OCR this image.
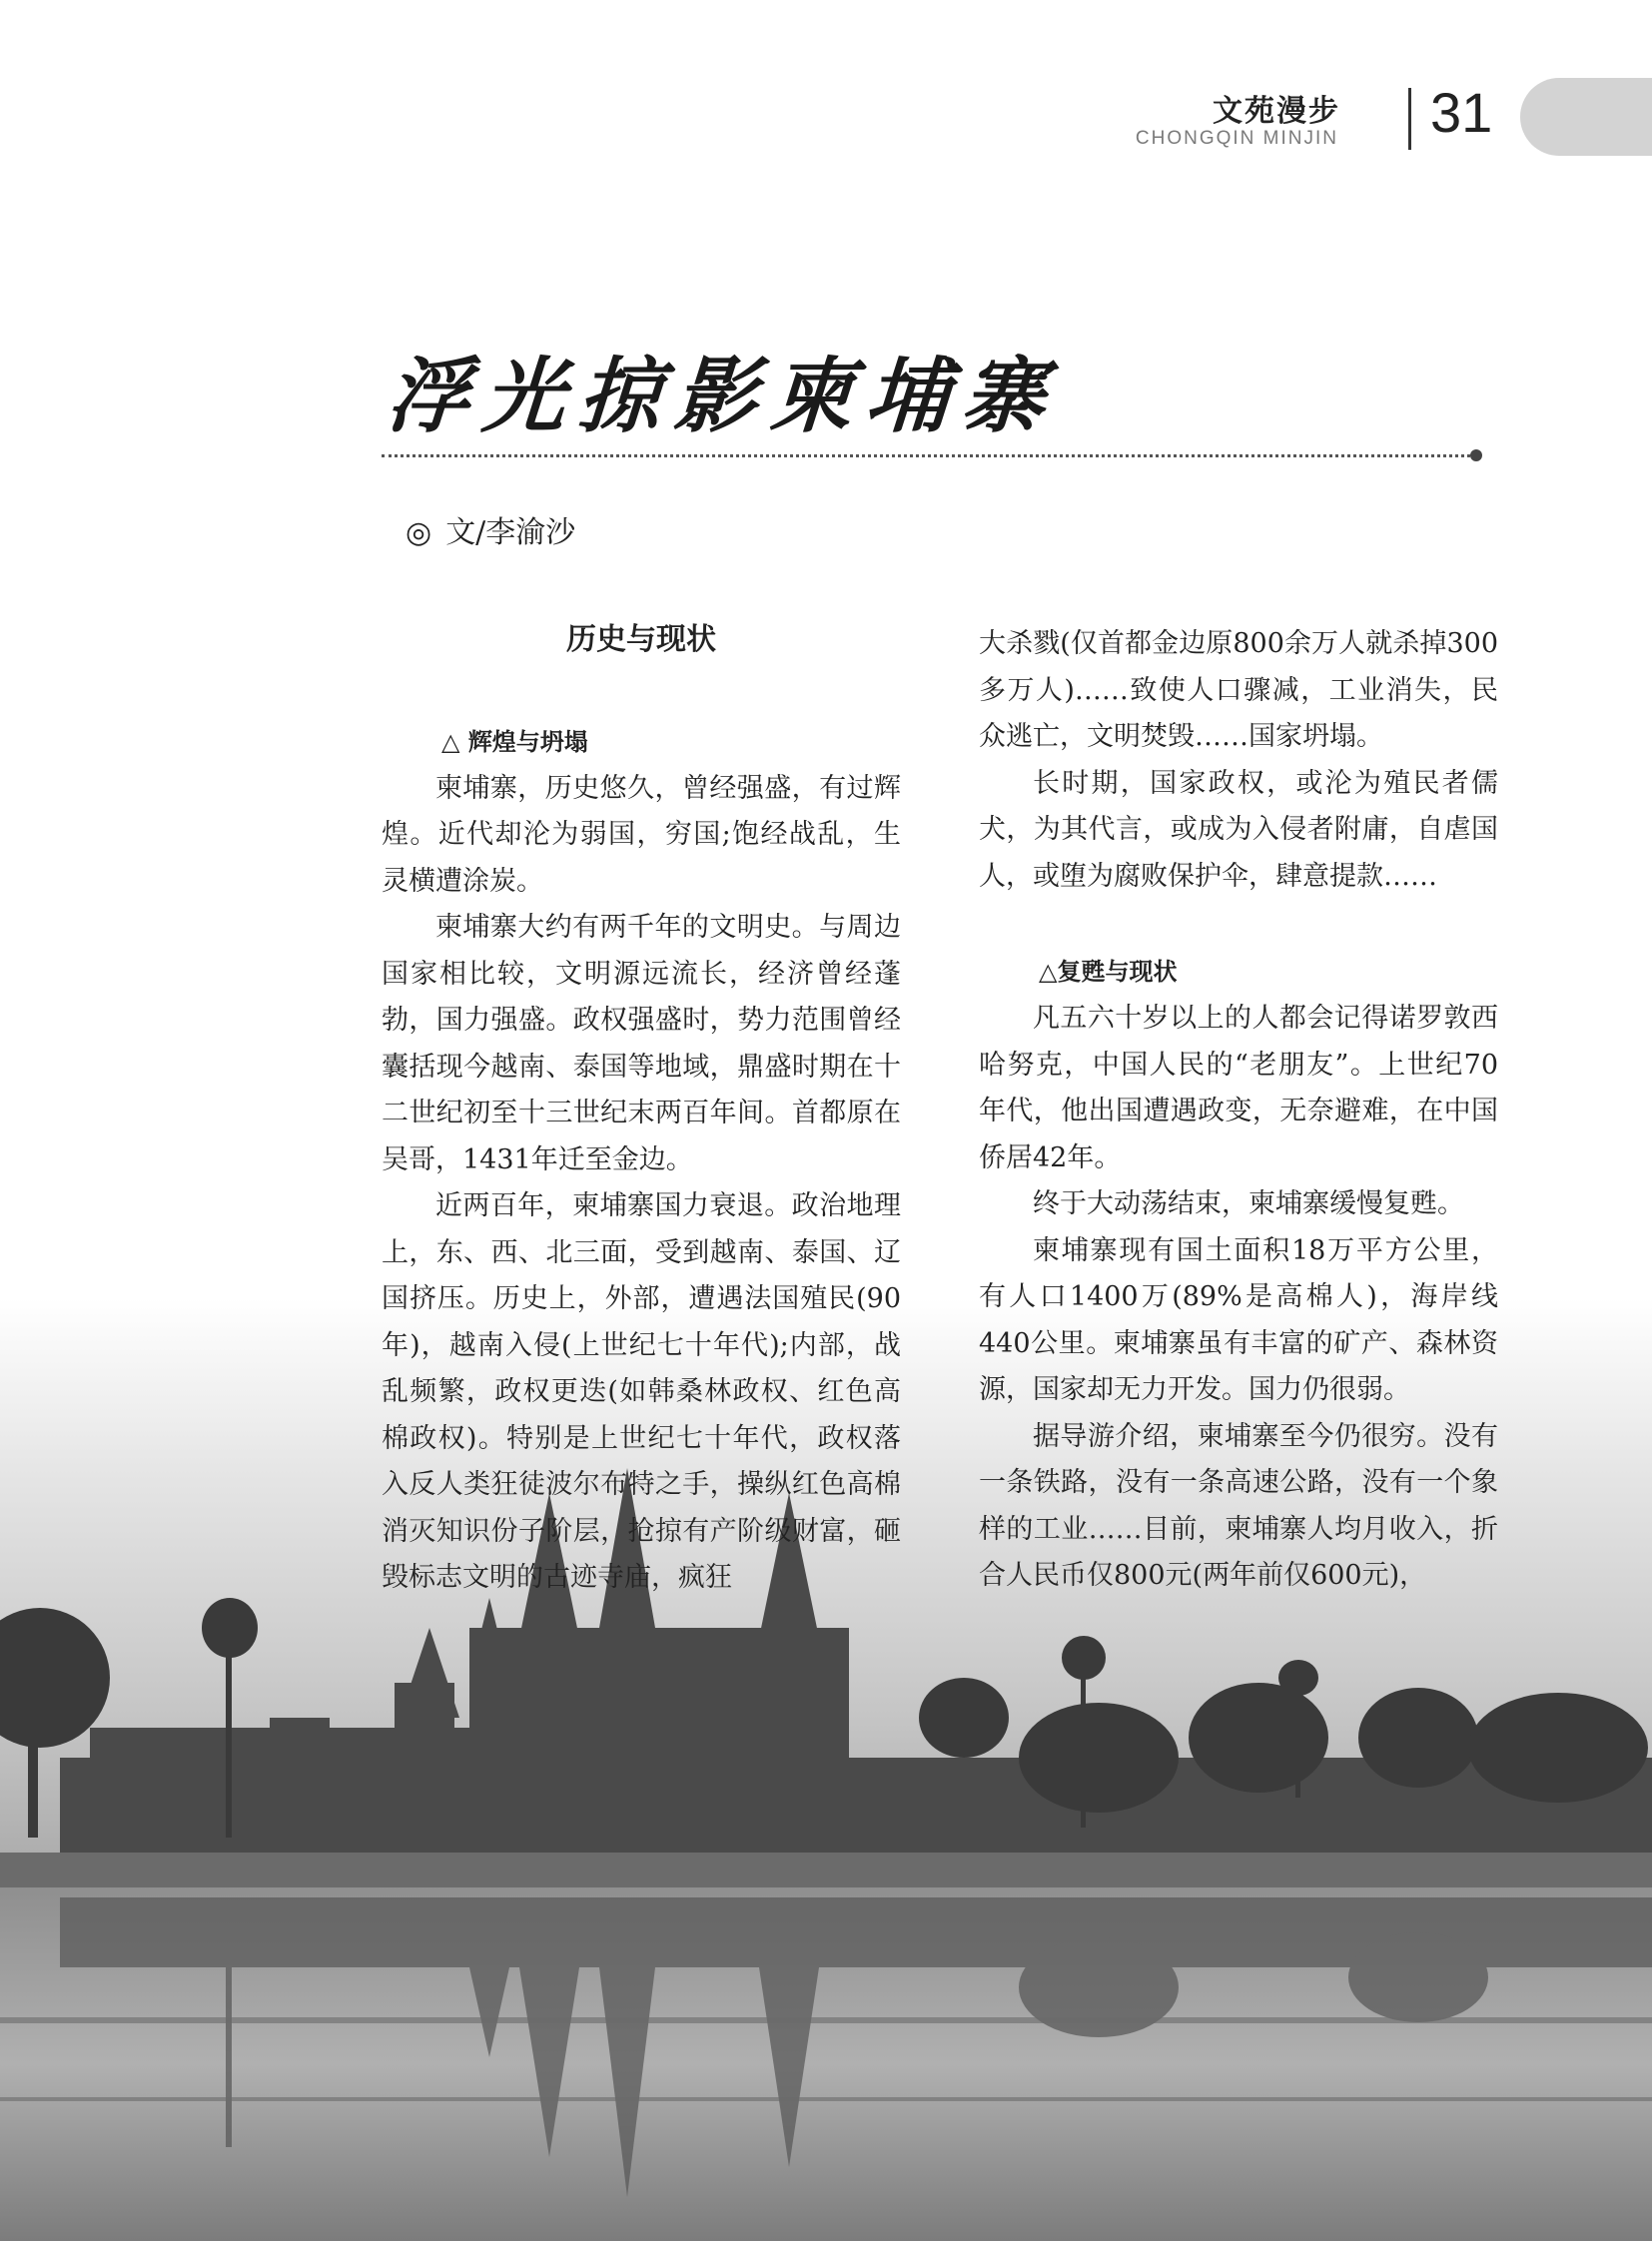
文苑漫步
CHONGQIN MINJIN 31
浮光掠影柬埔寨
◎ 文/李渝沙
历史与现状
△ 辉煌与坍塌

柬埔寨，历史悠久，曾经强盛，有过辉煌。近代却沦为弱国，穷国;饱经战乱，生灵横遭涂炭。

柬埔寨大约有两千年的文明史。与周边国家相比较，文明源远流长，经济曾经蓬勃，国力强盛。政权强盛时，势力范围曾经囊括现今越南、泰国等地域，鼎盛时期在十二世纪初至十三世纪末两百年间。首都原在吴哥，1431年迁至金边。

近两百年，柬埔寨国力衰退。政治地理上，东、西、北三面，受到越南、泰国、辽国挤压。历史上，外部，遭遇法国殖民(90年)，越南入侵(上世纪七十年代);内部，战乱频繁，政权更迭(如韩桑林政权、红色高棉政权)。特别是上世纪七十年代，政权落入反人类狂徒波尔布特之手，操纵红色高棉消灭知识份子阶层，抢掠有产阶级财富，砸毁标志文明的古迹寺庙，疯狂

大杀戮(仅首都金边原800余万人就杀掉300多万人)……致使人口骤减，工业消失，民众逃亡，文明焚毁……国家坍塌。

长时期，国家政权，或沦为殖民者儒犬，为其代言，或成为入侵者附庸，自虐国人，或堕为腐败保护伞，肆意提款……

△复甦与现状

凡五六十岁以上的人都会记得诺罗敦西哈努克，中国人民的“老朋友”。上世纪70年代，他出国遭遇政变，无奈避难，在中国侨居42年。

终于大动荡结束，柬埔寨缓慢复甦。

柬埔寨现有国土面积18万平方公里，有人口1400万(89%是高棉人)，海岸线440公里。柬埔寨虽有丰富的矿产、森林资源，国家却无力开发。国力仍很弱。

据导游介绍，柬埔寨至今仍很穷。没有一条铁路，没有一条高速公路，没有一个象样的工业……目前，柬埔寨人均月收入，折合人民币仅800元(两年前仅600元)，
